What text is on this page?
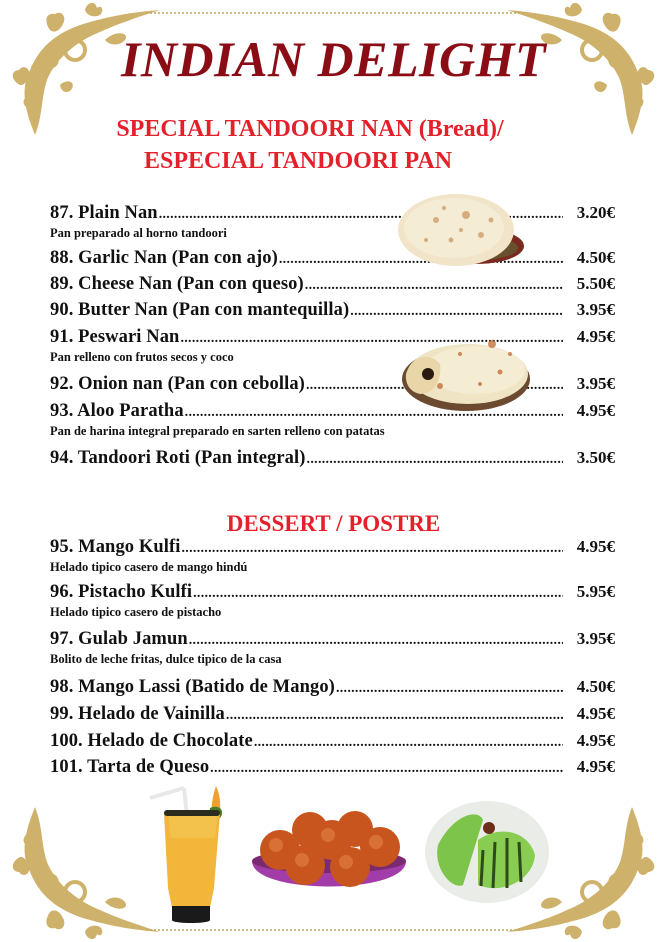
INDIAN DELIGHT
SPECIAL TANDOORI NAN (Bread)/
ESPECIAL TANDOORI PAN
87. Plain Nan .....	3.20€
Pan preparado al horno tandoori
88. Garlic Nan (Pan con ajo) .....	4.50€
89. Cheese Nan (Pan con queso) .....	5.50€
90. Butter Nan (Pan con mantequilla) .....	3.95€
91. Peswari Nan .....	4.95€
Pan relleno con frutos secos y coco
92. Onion nan (Pan con cebolla) .....	3.95€
93. Aloo Paratha .....	4.95€
Pan de harina integral preparado en sarten relleno con patatas
94. Tandoori Roti (Pan integral) .....	3.50€
DESSERT / POSTRE
95. Mango Kulfi .....	4.95€
Helado tipico casero de mango hindú
96. Pistacho Kulfi .....	5.95€
Helado tipico casero de pistacho
97. Gulab Jamun .....	3.95€
Bolito de leche fritas, dulce tipico de la casa
98. Mango Lassi (Batido de Mango) .....	4.50€
99. Helado de Vainilla .....	4.95€
100. Helado de Chocolate .....	4.95€
101. Tarta de Queso .....	4.95€
